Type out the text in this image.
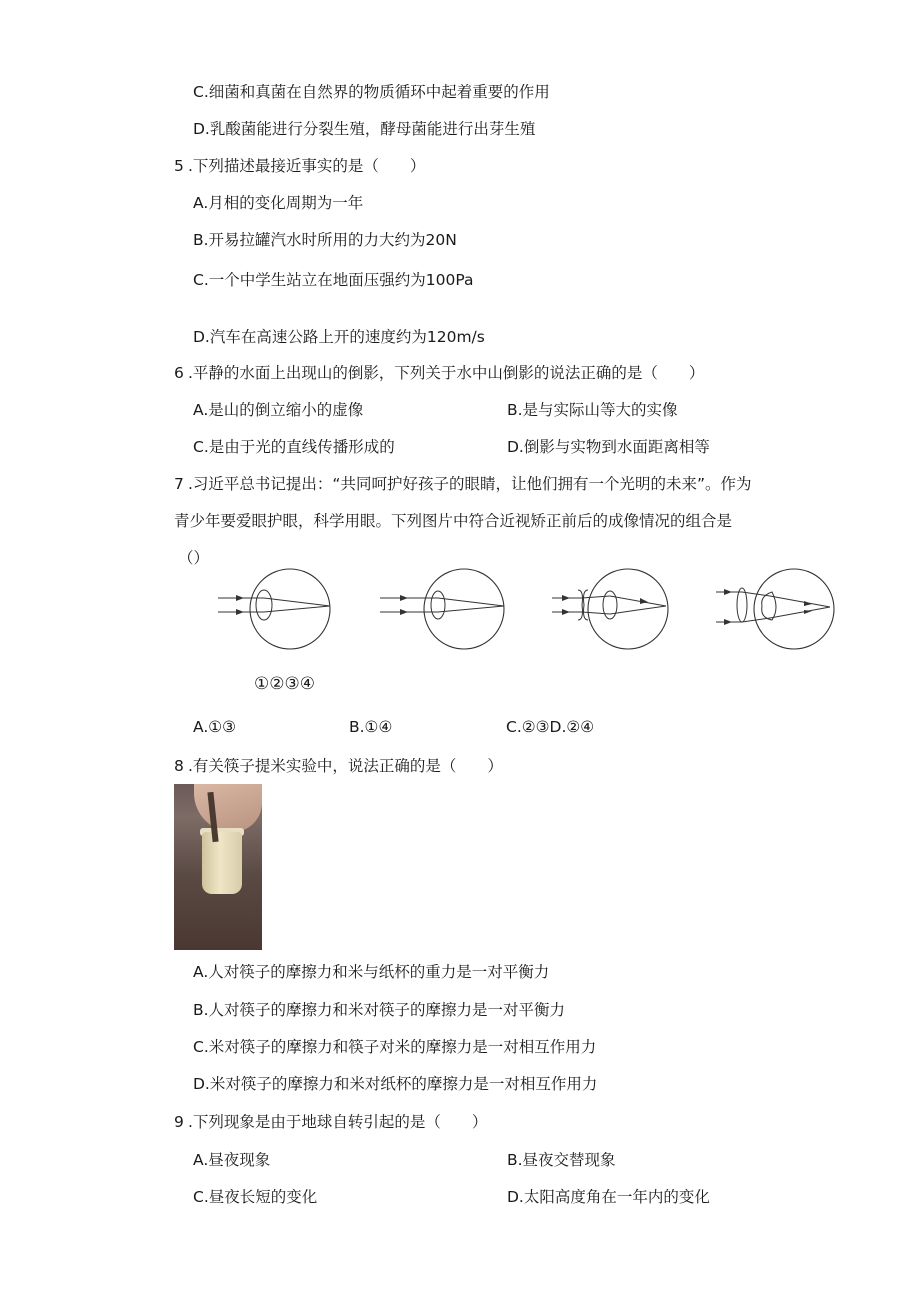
C.细菌和真菌在自然界的物质循环中起着重要的作用
D.乳酸菌能进行分裂生殖，酵母菌能进行出芽生殖
5 .下列描述最接近事实的是（　　）
A.月相的变化周期为一年
B.开易拉罐汽水时所用的力大约为20N
C.一个中学生站立在地面压强约为100Pa
D.汽车在高速公路上开的速度约为120m∕s
6 .平静的水面上出现山的倒影，下列关于水中山倒影的说法正确的是（　　）
A.是山的倒立缩小的虚像	B.是与实际山等大的实像
C.是由于光的直线传播形成的	D.倒影与实物到水面距离相等
7 .习近平总书记提出：“共同呵护好孩子的眼睛，让他们拥有一个光明的未来”。作为
青少年要爱眼护眼，科学用眼。下列图片中符合近视矫正前后的成像情况的组合是
（）
①②③④
A.①③	B.①④	C.②③D.②④
8 .有关筷子提米实验中，说法正确的是（　　）
A.人对筷子的摩擦力和米与纸杯的重力是一对平衡力
B.人对筷子的摩擦力和米对筷子的摩擦力是一对平衡力
C.米对筷子的摩擦力和筷子对米的摩擦力是一对相互作用力
D.米对筷子的摩擦力和米对纸杯的摩擦力是一对相互作用力
9 .下列现象是由于地球自转引起的是（　　）
A.昼夜现象	B.昼夜交替现象
C.昼夜长短的变化	D.太阳高度角在一年内的变化
